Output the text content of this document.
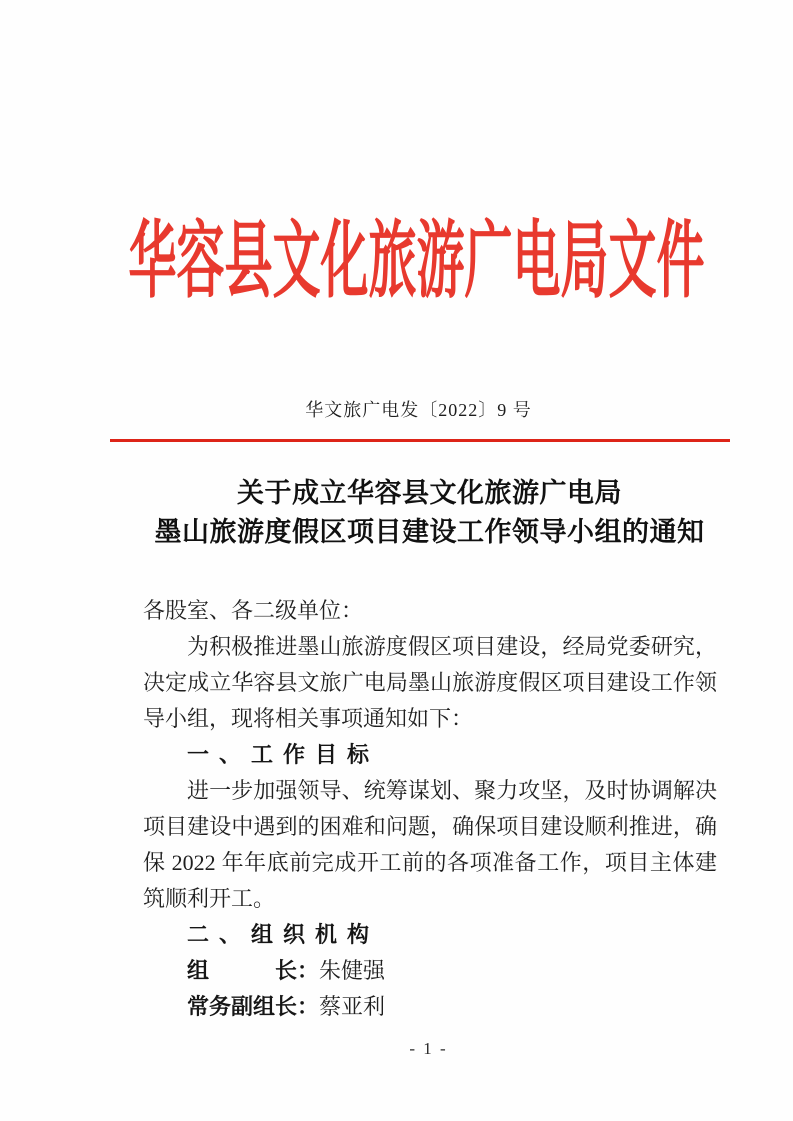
华容县文化旅游广电局文件
华文旅广电发〔2022〕9 号
关于成立华容县文化旅游广电局
墨山旅游度假区项目建设工作领导小组的通知

各股室、各二级单位：

为积极推进墨山旅游度假区项目建设，经局党委研究，决定成立华容县文旅广电局墨山旅游度假区项目建设工作领导小组，现将相关事项通知如下：

一、工作目标

进一步加强领导、统筹谋划、聚力攻坚，及时协调解决项目建设中遇到的困难和问题，确保项目建设顺利推进，确保 2022 年年底前完成开工前的各项准备工作，项目主体建筑顺利开工。

二、组织机构
组　　　长：朱健强
常务副组长：蔡亚利
- 1 -
